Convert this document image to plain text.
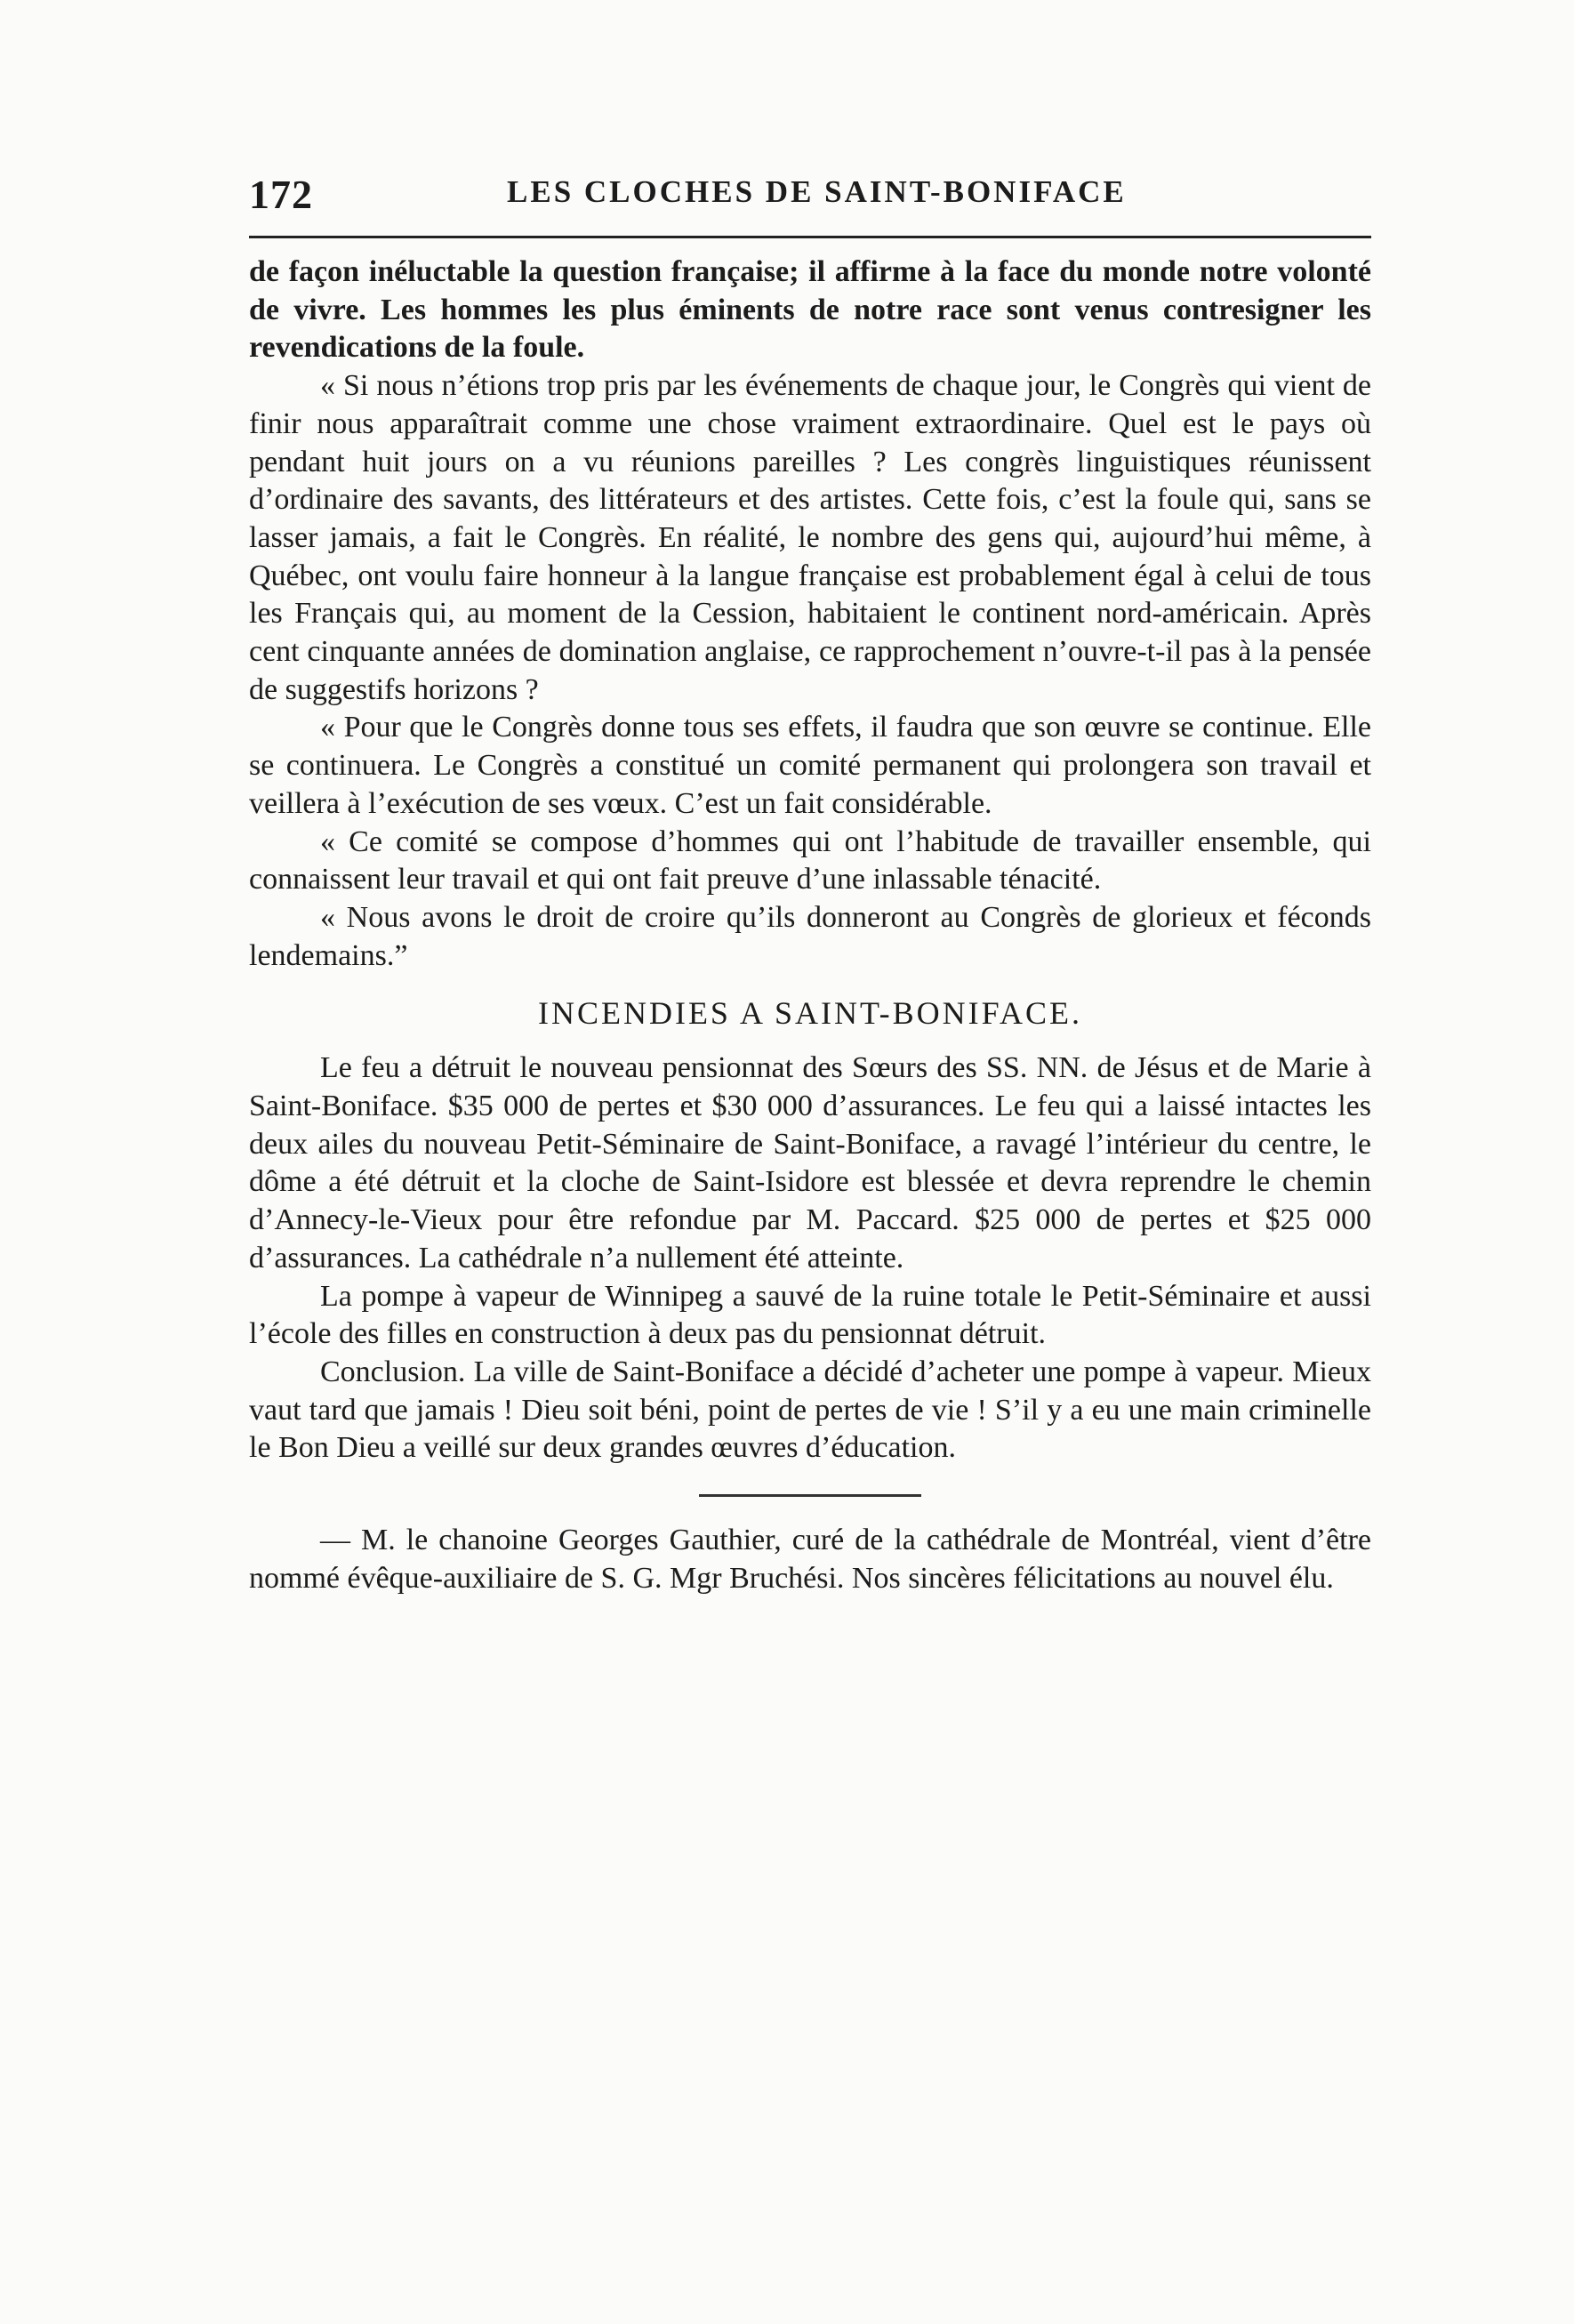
172	LES CLOCHES DE SAINT-BONIFACE

de façon inéluctable la question française; il affirme à la face du monde notre volonté de vivre. Les hommes les plus éminents de notre race sont venus contresigner les revendications de la foule.

« Si nous n’étions trop pris par les événements de chaque jour, le Congrès qui vient de finir nous apparaîtrait comme une chose vraiment extraordinaire. Quel est le pays où pendant huit jours on a vu réunions pareilles ? Les congrès linguistiques réunissent d’ordinaire des savants, des littérateurs et des artistes. Cette fois, c’est la foule qui, sans se lasser jamais, a fait le Congrès. En réalité, le nombre des gens qui, aujourd’hui même, à Québec, ont voulu faire honneur à la langue française est probablement égal à celui de tous les Français qui, au moment de la Cession, habitaient le continent nord-américain. Après cent cinquante années de domination anglaise, ce rapprochement n’ouvre-t-il pas à la pensée de suggestifs horizons ?

« Pour que le Congrès donne tous ses effets, il faudra que son œuvre se continue. Elle se continuera. Le Congrès a constitué un comité permanent qui prolongera son travail et veillera à l’exécution de ses vœux. C’est un fait considérable.

« Ce comité se compose d’hommes qui ont l’habitude de travailler ensemble, qui connaissent leur travail et qui ont fait preuve d’une inlassable ténacité.

« Nous avons le droit de croire qu’ils donneront au Congrès de glorieux et féconds lendemains.”

INCENDIES A SAINT-BONIFACE.

Le feu a détruit le nouveau pensionnat des Sœurs des SS. NN. de Jésus et de Marie à Saint-Boniface. $35 000 de pertes et $30 000 d’assurances. Le feu qui a laissé intactes les deux ailes du nouveau Petit-Séminaire de Saint-Boniface, a ravagé l’intérieur du centre, le dôme a été détruit et la cloche de Saint-Isidore est blessée et devra reprendre le chemin d’Annecy-le-Vieux pour être refondue par M. Paccard. $25 000 de pertes et $25 000 d’assurances. La cathédrale n’a nullement été atteinte.

La pompe à vapeur de Winnipeg a sauvé de la ruine totale le Petit-Séminaire et aussi l’école des filles en construction à deux pas du pensionnat détruit.

Conclusion. La ville de Saint-Boniface a décidé d’acheter une pompe à vapeur. Mieux vaut tard que jamais ! Dieu soit béni, point de pertes de vie ! S’il y a eu une main criminelle le Bon Dieu a veillé sur deux grandes œuvres d’éducation.

— M. le chanoine Georges Gauthier, curé de la cathédrale de Montréal, vient d’être nommé évêque-auxiliaire de S. G. Mgr Bruchési. Nos sincères félicitations au nouvel élu.
